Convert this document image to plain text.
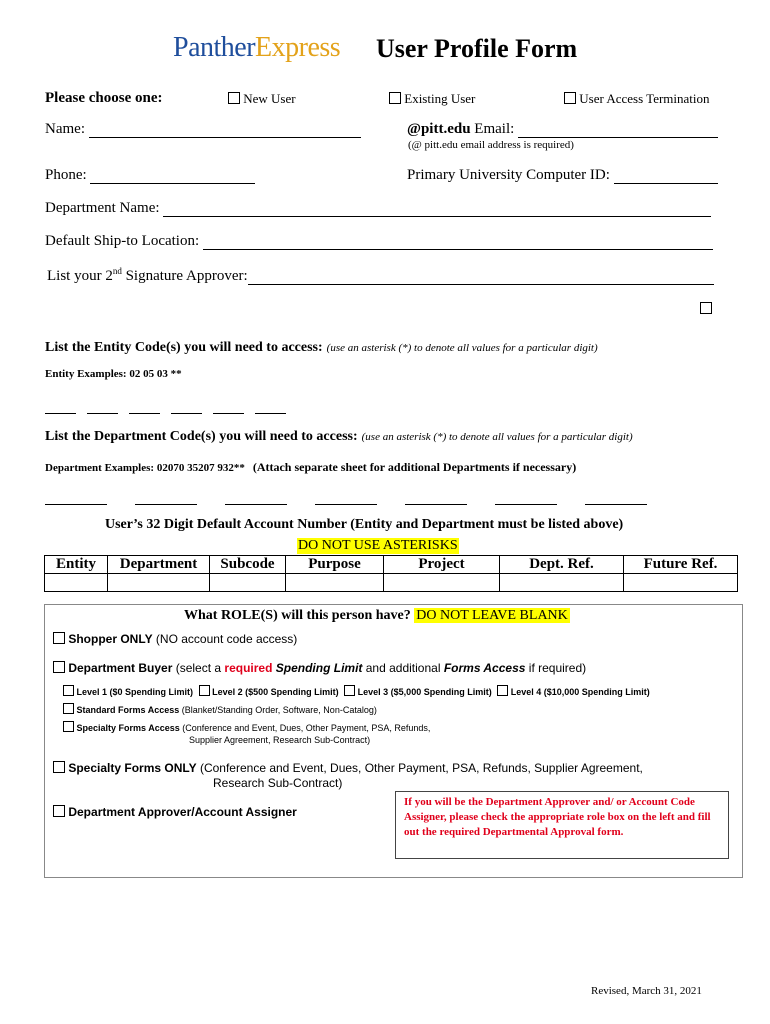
PantherExpress User Profile Form
Please choose one:	New User	Existing User	User Access Termination
Name:	@pitt.edu Email:
(@ pitt.edu email address is required)
Phone:	Primary University Computer ID:
Department Name:
Default Ship-to Location:
List your 2nd Signature Approver:
List the Entity Code(s) you will need to access: (use an asterisk (*) to denote all values for a particular digit)
Entity Examples: 02 05 03 **
List the Department Code(s) you will need to access: (use an asterisk (*) to denote all values for a particular digit)
Department Examples: 02070 35207 932** (Attach separate sheet for additional Departments if necessary)
User’s 32 Digit Default Account Number (Entity and Department must be listed above)
DO NOT USE ASTERISKS
Entity	Department	Subcode	Purpose	Project	Dept. Ref.	Future Ref.

What ROLE(S) will this person have? DO NOT LEAVE BLANK
Shopper ONLY (NO account code access)
Department Buyer (select a required Spending Limit and additional Forms Access if required)
Level 1 ($0 Spending Limit) Level 2 ($500 Spending Limit) Level 3 ($5,000 Spending Limit) Level 4 ($10,000 Spending Limit)
Standard Forms Access (Blanket/Standing Order, Software, Non-Catalog)
Specialty Forms Access (Conference and Event, Dues, Other Payment, PSA, Refunds,
Supplier Agreement, Research Sub-Contract)
Specialty Forms ONLY (Conference and Event, Dues, Other Payment, PSA, Refunds, Supplier Agreement,
Research Sub-Contract)
Department Approver/Account Assigner
If you will be the Department Approver and/ or Account Code Assigner, please check the appropriate role box on the left and fill out the required Departmental Approval form.
Revised, March 31, 2021
